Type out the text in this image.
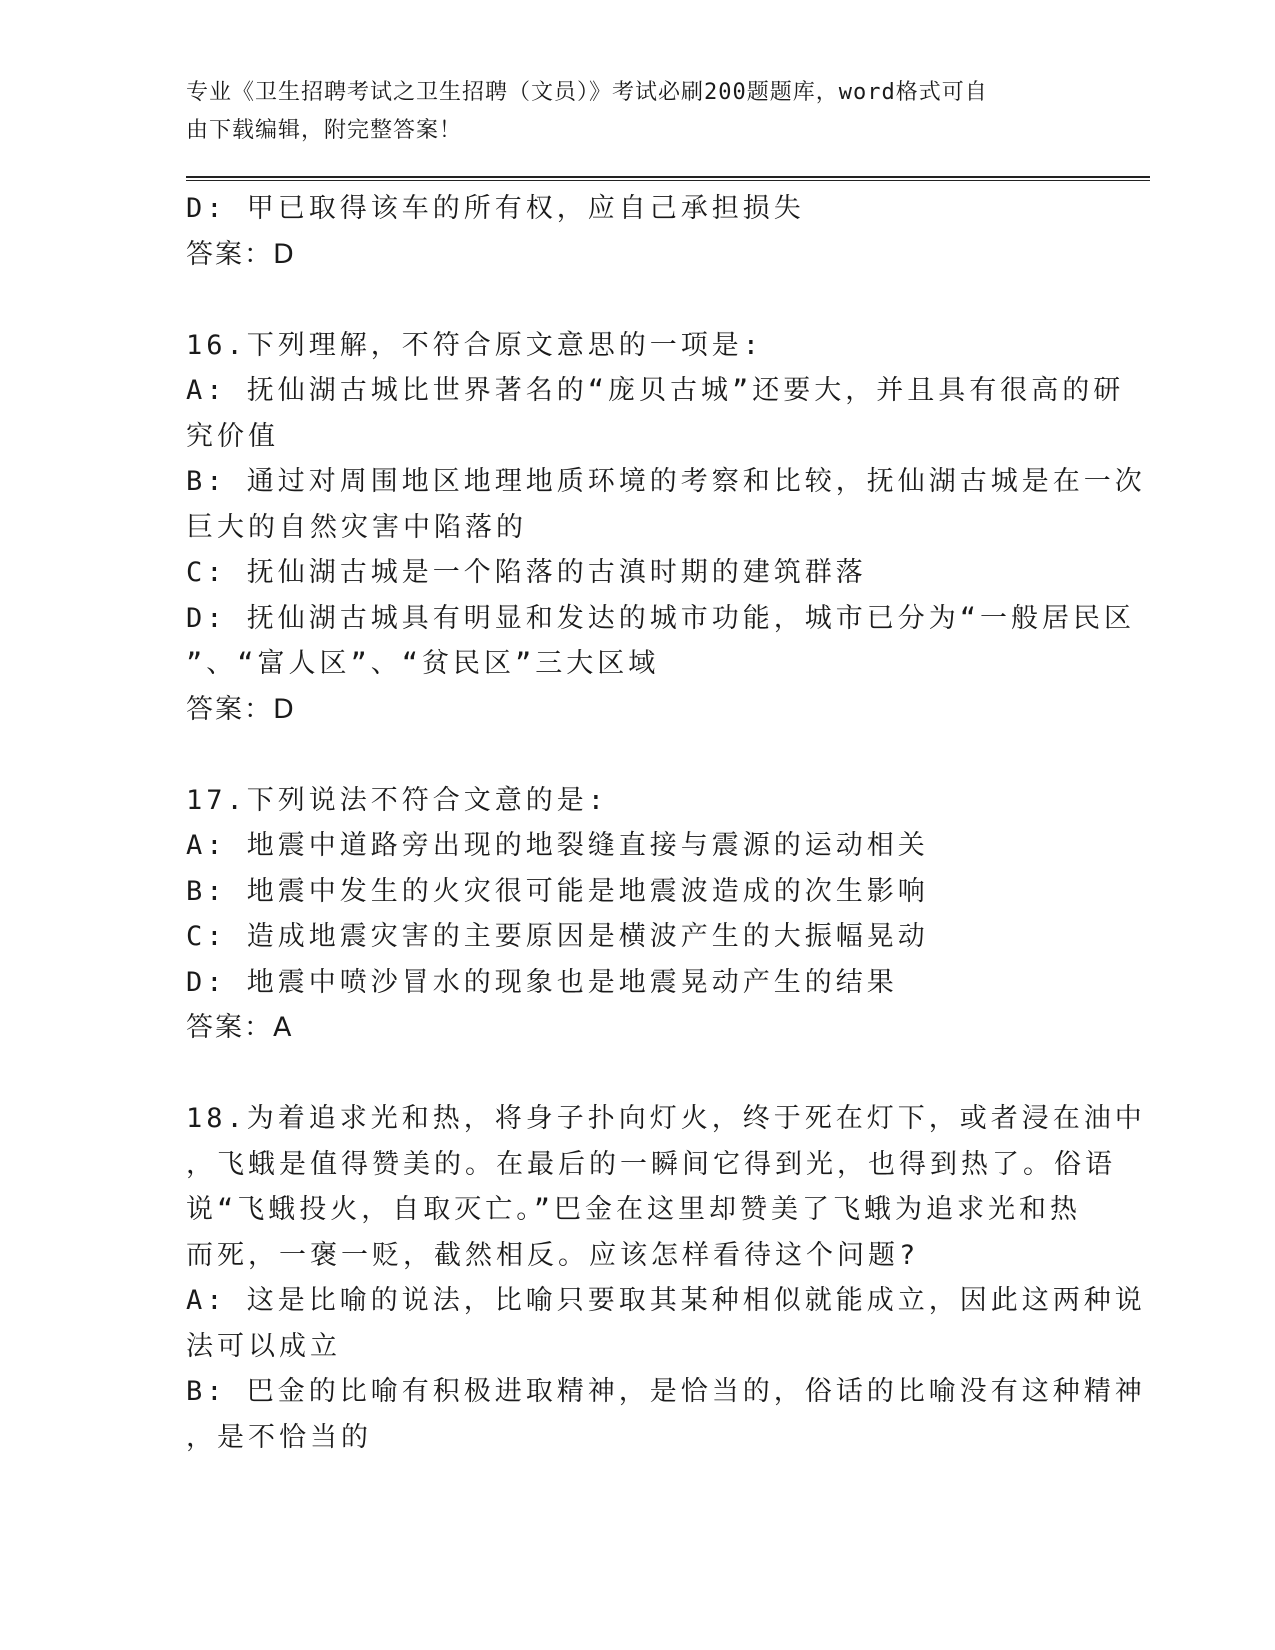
专业《卫生招聘考试之卫生招聘（文员）》考试必刷200题题库，word格式可自
由下载编辑，附完整答案！
D: 甲已取得该车的所有权，应自己承担损失
答案：D
16.下列理解，不符合原文意思的一项是:
A: 抚仙湖古城比世界著名的“庞贝古城”还要大，并且具有很高的研
究价值
B: 通过对周围地区地理地质环境的考察和比较，抚仙湖古城是在一次
巨大的自然灾害中陷落的
C: 抚仙湖古城是一个陷落的古滇时期的建筑群落
D: 抚仙湖古城具有明显和发达的城市功能，城市已分为“一般居民区
”、“富人区”、“贫民区”三大区域
答案：D
17.下列说法不符合文意的是:
A: 地震中道路旁出现的地裂缝直接与震源的运动相关
B: 地震中发生的火灾很可能是地震波造成的次生影响
C: 造成地震灾害的主要原因是横波产生的大振幅晃动
D: 地震中喷沙冒水的现象也是地震晃动产生的结果
答案：A
18.为着追求光和热，将身子扑向灯火，终于死在灯下，或者浸在油中
，飞蛾是值得赞美的。在最后的一瞬间它得到光，也得到热了。俗语
说“飞蛾投火，自取灭亡。”巴金在这里却赞美了飞蛾为追求光和热
而死，一褒一贬，截然相反。应该怎样看待这个问题?
A: 这是比喻的说法，比喻只要取其某种相似就能成立，因此这两种说
法可以成立
B: 巴金的比喻有积极进取精神，是恰当的，俗话的比喻没有这种精神
，是不恰当的
